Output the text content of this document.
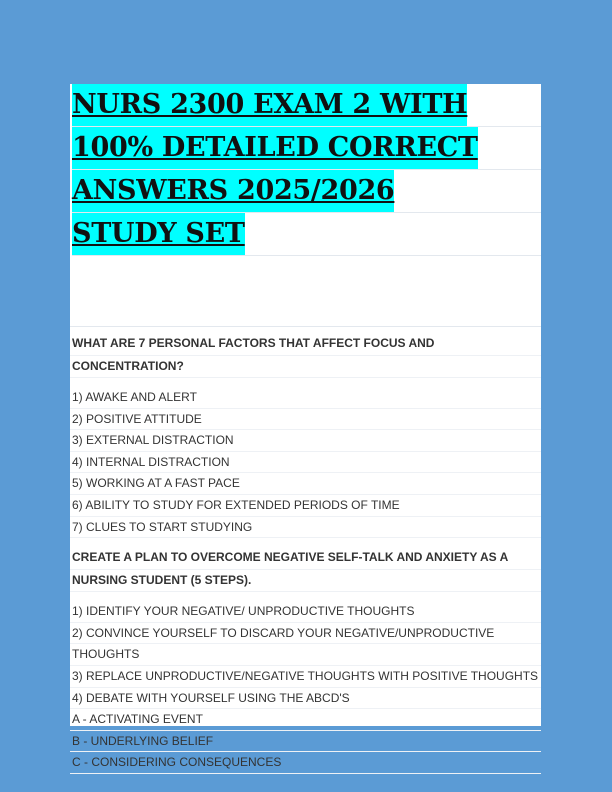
NURS 2300 EXAM 2 WITH
100% DETAILED CORRECT
ANSWERS 2025/2026
STUDY SET
WHAT ARE 7 PERSONAL FACTORS THAT AFFECT FOCUS AND
CONCENTRATION?
1) AWAKE AND ALERT
2) POSITIVE ATTITUDE
3) EXTERNAL DISTRACTION
4) INTERNAL DISTRACTION
5) WORKING AT A FAST PACE
6) ABILITY TO STUDY FOR EXTENDED PERIODS OF TIME
7) CLUES TO START STUDYING
CREATE A PLAN TO OVERCOME NEGATIVE SELF-TALK AND ANXIETY AS A
NURSING STUDENT (5 STEPS).
1) IDENTIFY YOUR NEGATIVE/ UNPRODUCTIVE THOUGHTS
2) CONVINCE YOURSELF TO DISCARD YOUR NEGATIVE/UNPRODUCTIVE
THOUGHTS
3) REPLACE UNPRODUCTIVE/NEGATIVE THOUGHTS WITH POSITIVE THOUGHTS
4) DEBATE WITH YOURSELF USING THE ABCD'S
A - ACTIVATING EVENT
B - UNDERLYING BELIEF
C - CONSIDERING CONSEQUENCES
